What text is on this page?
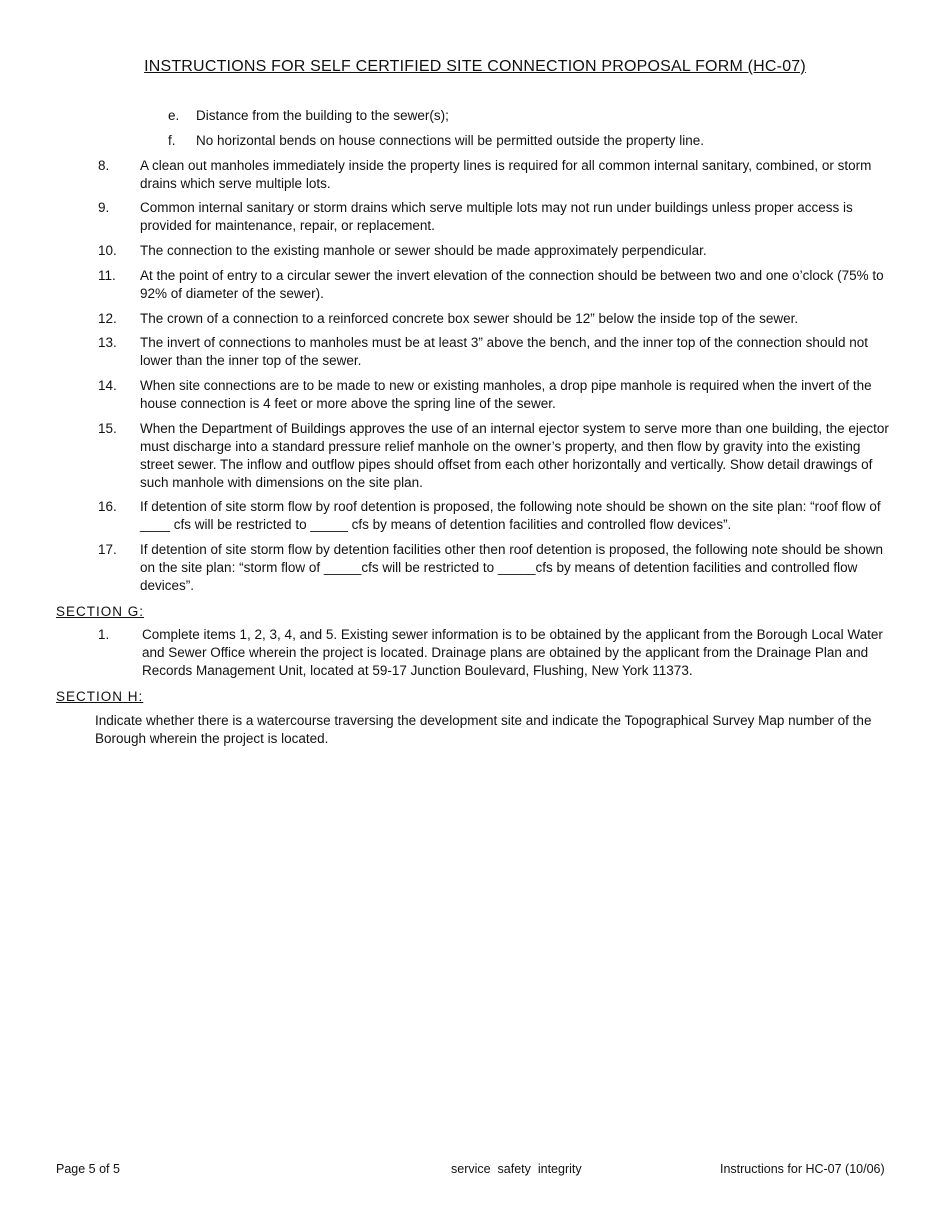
INSTRUCTIONS FOR SELF CERTIFIED SITE CONNECTION PROPOSAL FORM (HC-07)
e. Distance from the building to the sewer(s);
f. No horizontal bends on house connections will be permitted outside the property line.
8. A clean out manholes immediately inside the property lines is required for all common internal sanitary, combined, or storm drains which serve multiple lots.
9. Common internal sanitary or storm drains which serve multiple lots may not run under buildings unless proper access is provided for maintenance, repair, or replacement.
10. The connection to the existing manhole or sewer should be made approximately perpendicular.
11. At the point of entry to a circular sewer the invert elevation of the connection should be between two and one o’clock (75% to 92% of diameter of the sewer).
12. The crown of a connection to a reinforced concrete box sewer should be 12” below the inside top of the sewer.
13. The invert of connections to manholes must be at least 3” above the bench, and the inner top of the connection should not lower than the inner top of the sewer.
14. When site connections are to be made to new or existing manholes, a drop pipe manhole is required when the invert of the house connection is 4 feet or more above the spring line of the sewer.
15. When the Department of Buildings approves the use of an internal ejector system to serve more than one building, the ejector must discharge into a standard pressure relief manhole on the owner’s property, and then flow by gravity into the existing street sewer. The inflow and outflow pipes should offset from each other horizontally and vertically. Show detail drawings of such manhole with dimensions on the site plan.
16. If detention of site storm flow by roof detention is proposed, the following note should be shown on the site plan: “roof flow of ____ cfs will be restricted to _____ cfs by means of detention facilities and controlled flow devices”.
17. If detention of site storm flow by detention facilities other then roof detention is proposed, the following note should be shown on the site plan: “storm flow of _____cfs will be restricted to _____cfs by means of detention facilities and controlled flow devices”.
SECTION G:
1. Complete items 1, 2, 3, 4, and 5. Existing sewer information is to be obtained by the applicant from the Borough Local Water and Sewer Office wherein the project is located. Drainage plans are obtained by the applicant from the Drainage Plan and Records Management Unit, located at 59-17 Junction Boulevard, Flushing, New York 11373.
SECTION H:
Indicate whether there is a watercourse traversing the development site and indicate the Topographical Survey Map number of the Borough wherein the project is located.
Page 5 of 5	service  safety  integrity	Instructions for HC-07 (10/06)
